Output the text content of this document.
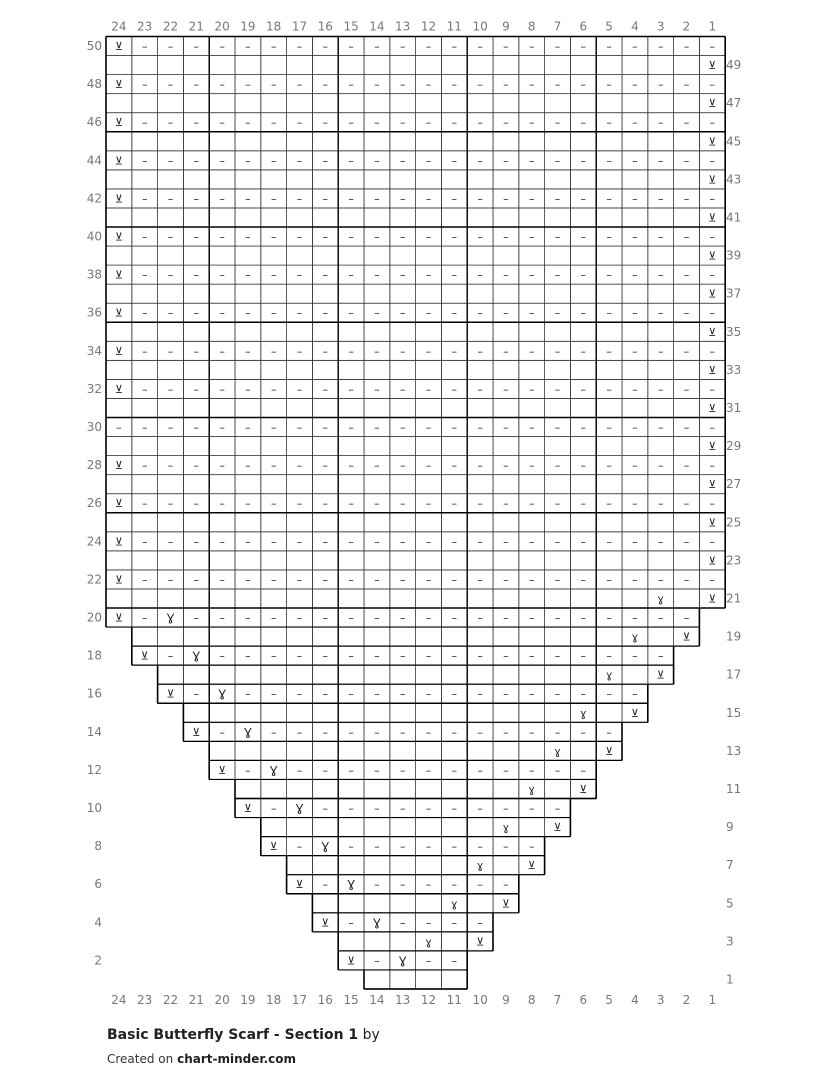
–
–
Ɣ
–
⊻
⊻
ɣ
–
–
–
–
Ɣ
–
⊻
⊻
ɣ
–
–
–
–
–
–
Ɣ
–
⊻
⊻
ɣ
–
–
–
–
–
–
–
–
Ɣ
–
⊻
⊻
ɣ
–
–
–
–
–
–
–
–
–
–
Ɣ
–
⊻
⊻
ɣ
–
–
–
–
–
–
–
–
–
–
–
–
Ɣ
–
⊻
⊻
ɣ
–
–
–
–
–
–
–
–
–
–
–
–
–
–
Ɣ
–
⊻
⊻
ɣ
–
–
–
–
–
–
–
–
–
–
–
–
–
–
–
–
Ɣ
–
⊻
⊻
ɣ
–
–
–
–
–
–
–
–
–
–
–
–
–
–
–
–
–
–
Ɣ
–
⊻
⊻
ɣ
–
–
–
–
–
–
–
–
–
–
–
–
–
–
–
–
–
–
–
–
Ɣ
–
⊻
⊻
ɣ
–
–
–
–
–
–
–
–
–
–
–
–
–
–
–
–
–
–
–
–
–
–
–
⊻
⊻
–
–
–
–
–
–
–
–
–
–
–
–
–
–
–
–
–
–
–
–
–
–
–
⊻
⊻
–
–
–
–
–
–
–
–
–
–
–
–
–
–
–
–
–
–
–
–
–
–
–
⊻
⊻
–
–
–
–
–
–
–
–
–
–
–
–
–
–
–
–
–
–
–
–
–
–
–
⊻
⊻
–
–
–
–
–
–
–
–
–
–
–
–
–
–
–
–
–
–
–
–
–
–
–
–
⊻
–
–
–
–
–
–
–
–
–
–
–
–
–
–
–
–
–
–
–
–
–
–
–
⊻
⊻
–
–
–
–
–
–
–
–
–
–
–
–
–
–
–
–
–
–
–
–
–
–
–
⊻
⊻
–
–
–
–
–
–
–
–
–
–
–
–
–
–
–
–
–
–
–
–
–
–
–
⊻
⊻
–
–
–
–
–
–
–
–
–
–
–
–
–
–
–
–
–
–
–
–
–
–
–
⊻
⊻
–
–
–
–
–
–
–
–
–
–
–
–
–
–
–
–
–
–
–
–
–
–
–
⊻
⊻
–
–
–
–
–
–
–
–
–
–
–
–
–
–
–
–
–
–
–
–
–
–
–
⊻
⊻
–
–
–
–
–
–
–
–
–
–
–
–
–
–
–
–
–
–
–
–
–
–
–
⊻
⊻
–
–
–
–
–
–
–
–
–
–
–
–
–
–
–
–
–
–
–
–
–
–
–
⊻
⊻
–
–
–
–
–
–
–
–
–
–
–
–
–
–
–
–
–
–
–
–
–
–
–
⊻
⊻
–
–
–
–
–
–
–
–
–
–
–
–
–
–
–
–
–
–
–
–
–
–
–
⊻
24 23 22 21 20 19 18 17 16 15 14 13 12 11 10 9 8 7 6 5 4 3 2 1
24 23 22 21 20 19 18 17 16 15 14 13 12 11 10 9 8 7 6 5 4 3 2 1
1
2
3
4
5
6
7
8
9
10
11
12
13
14
15
16
17
18
19
20
21
22
23
24
25
26
27
28
29
30
31
32
33
34
35
36
37
38
39
40
41
42
43
44
45
46
47
48
49
50
Basic Butterfly Scarf - Section 1 by
Created on chart-minder.com
